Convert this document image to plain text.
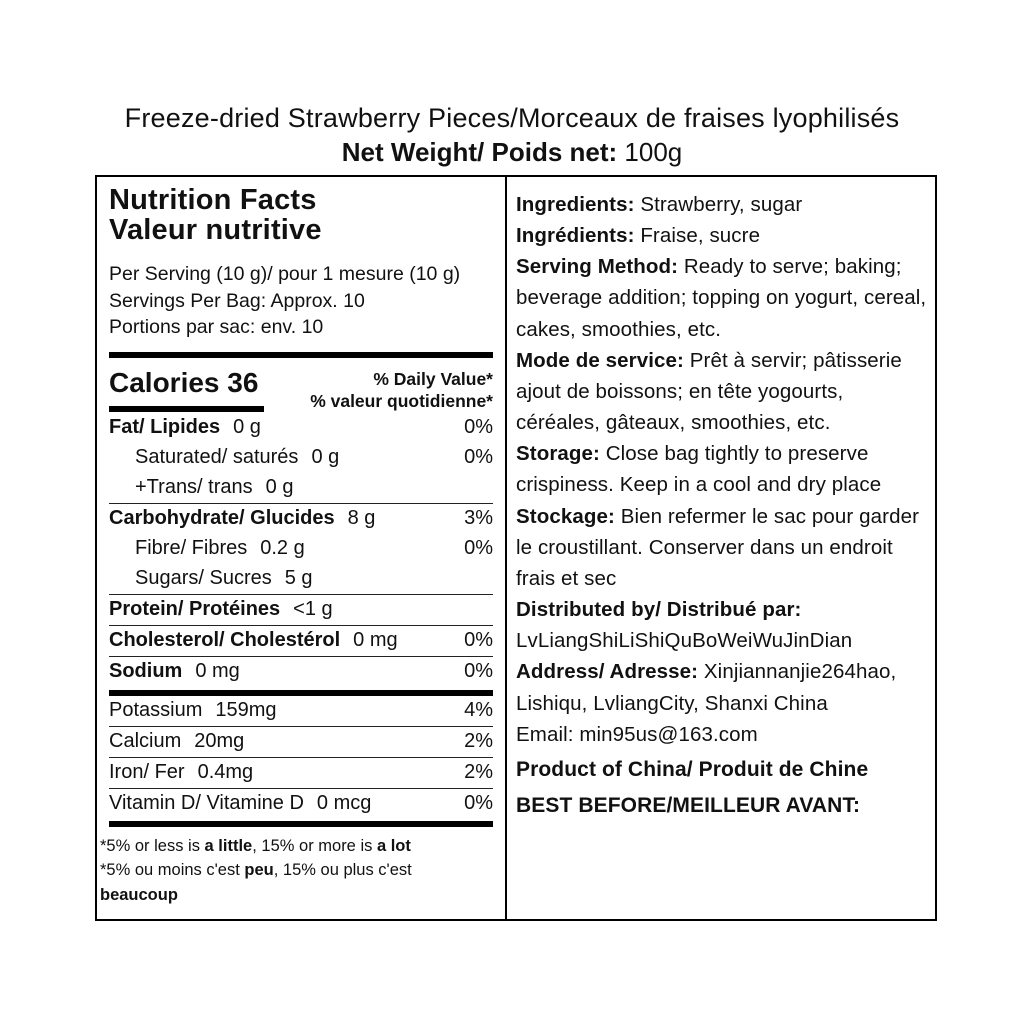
Freeze-dried Strawberry Pieces/Morceaux de fraises lyophilisés
Net Weight/ Poids net: 100g
Nutrition Facts
Valeur nutritive
Per Serving (10 g)/ pour 1 mesure (10 g)
Servings Per Bag: Approx. 10
Portions par sac: env. 10
Calories 36	% Daily Value*
% valeur quotidienne*
Fat/ Lipides 0 g	0%
Saturated/ saturés 0 g	0%
+Trans/ trans 0 g
Carbohydrate/ Glucides 8 g	3%
Fibre/ Fibres 0.2 g	0%
Sugars/ Sucres 5 g
Protein/ Protéines <1 g
Cholesterol/ Cholestérol 0 mg	0%
Sodium 0 mg	0%
Potassium 159mg	4%
Calcium 20mg	2%
Iron/ Fer 0.4mg	2%
Vitamin D/ Vitamine D 0 mcg	0%
*5% or less is a little, 15% or more is a lot
*5% ou moins c'est peu, 15% ou plus c'est beaucoup

Ingredients: Strawberry, sugar

Ingrédients: Fraise, sucre

Serving Method: Ready to serve; baking; beverage addition; topping on yogurt, cereal, cakes, smoothies, etc.

Mode de service: Prêt à servir; pâtisserie ajout de boissons; en tête yogourts, céréales, gâteaux, smoothies, etc.

Storage: Close bag tightly to preserve crispiness. Keep in a cool and dry place

Stockage: Bien refermer le sac pour garder le croustillant. Conserver dans un endroit frais et sec

Distributed by/ Distribué par:
LvLiangShiLiShiQuBoWeiWuJinDian

Address/ Adresse: Xinjiannanjie264hao, Lishiqu, LvliangCity, Shanxi China

Email: min95us@163.com

Product of China/ Produit de Chine

BEST BEFORE/MEILLEUR AVANT:
